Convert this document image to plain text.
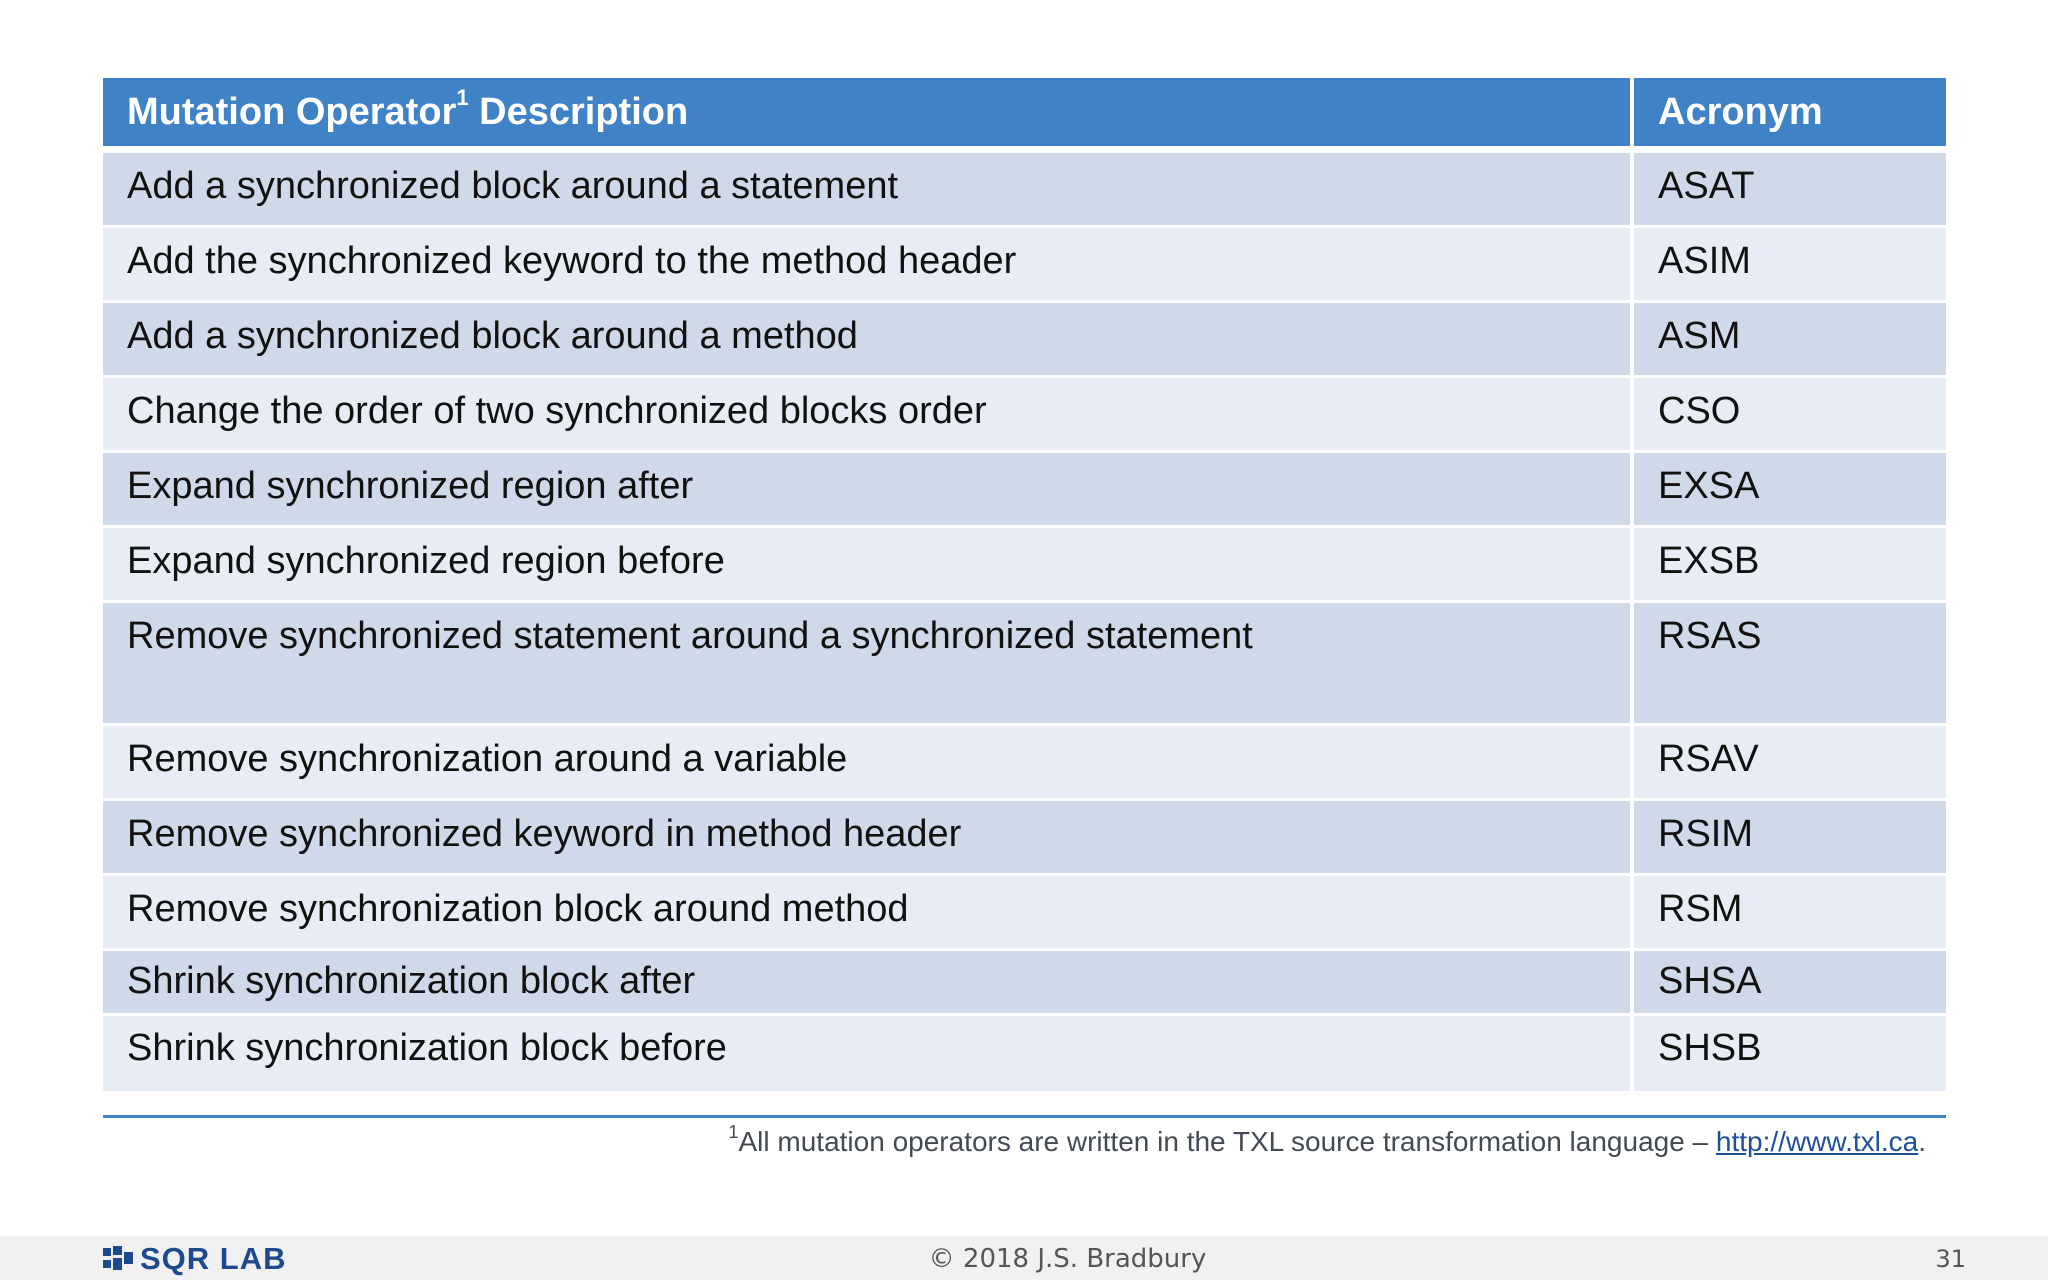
Mutation Operator$^1$ Description	Acronym
Add a synchronized block around a statement	ASAT
Add the synchronized keyword to the method header	ASIM
Add a synchronized block around a method	ASM
Change the order of two synchronized blocks order	CSO
Expand synchronized region after	EXSA
Expand synchronized region before	EXSB
Remove synchronized statement around a synchronized statement	RSAS
Remove synchronization around a variable	RSAV
Remove synchronized keyword in method header	RSIM
Remove synchronization block around method	RSM
Shrink synchronization block after	SHSA
Shrink synchronization block before	SHSB
$^1$All mutation operators are written in the TXL source transformation language – http://www.txl.ca.
SQR LAB	© 2018 J.S. Bradbury	31
